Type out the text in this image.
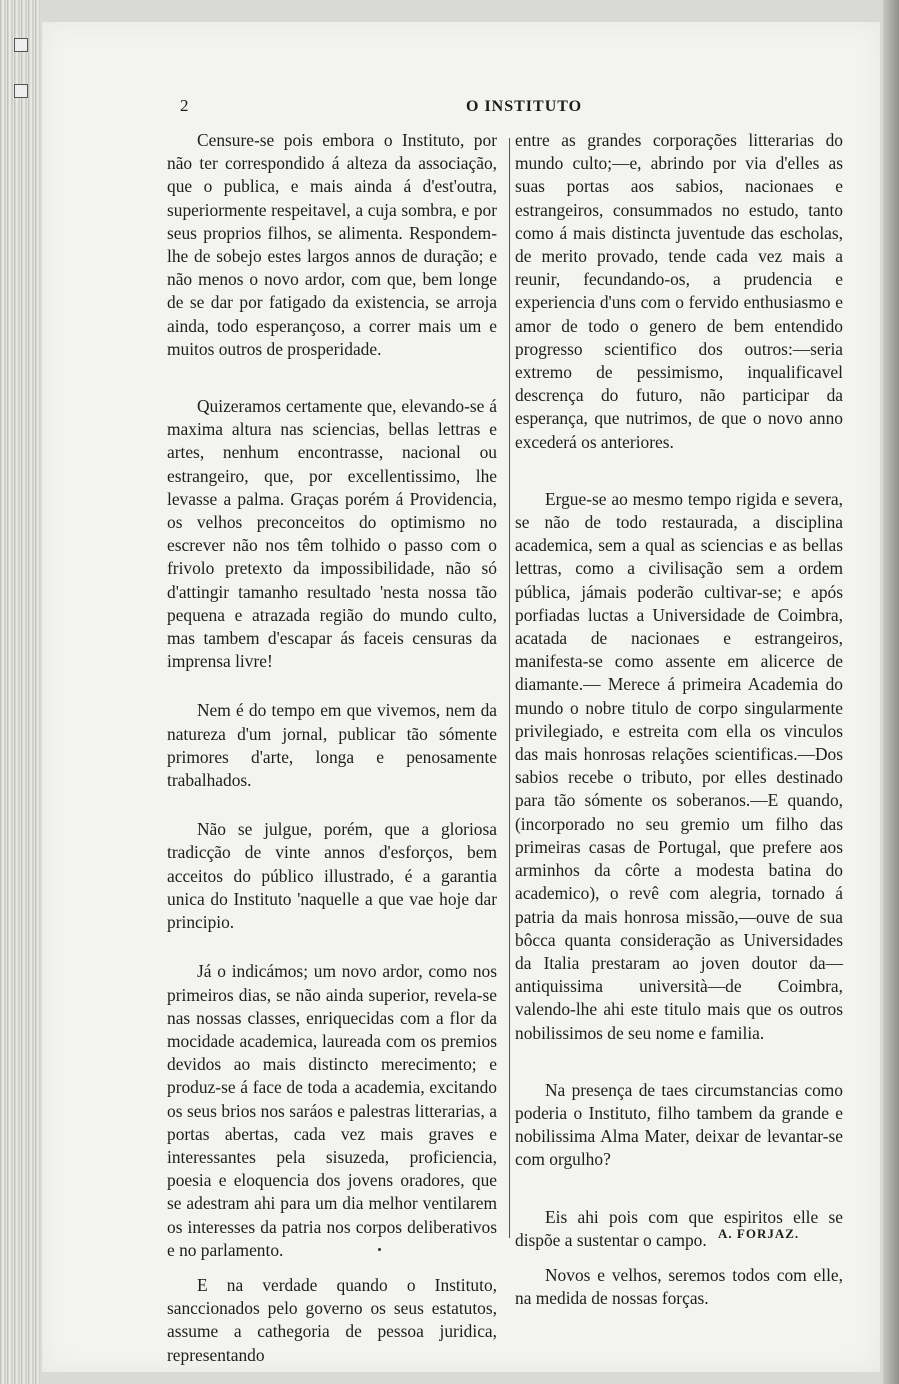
2	O INSTITUTO

Censure-se pois embora o Instituto, por não ter correspondido á alteza da associação, que o publica, e mais ainda á d'est'outra, superiormente respeitavel, a cuja sombra, e por seus proprios filhos, se alimenta. Respondem-lhe de sobejo estes largos annos de duração; e não menos o novo ardor, com que, bem longe de se dar por fatigado da existencia, se arroja ainda, todo esperançoso, a correr mais um e muitos outros de prosperidade.

Quizeramos certamente que, elevando-se á maxima altura nas sciencias, bellas lettras e artes, nenhum encontrasse, nacional ou estrangeiro, que, por excellentissimo, lhe levasse a palma. Graças porém á Providencia, os velhos preconceitos do optimismo no escrever não nos têm tolhido o passo com o frivolo pretexto da impossibilidade, não só d'attingir tamanho resultado 'nesta nossa tão pequena e atrazada região do mundo culto, mas tambem d'escapar ás faceis censuras da imprensa livre!

Nem é do tempo em que vivemos, nem da natureza d'um jornal, publicar tão sómente primores d'arte, longa e penosamente trabalhados.

Não se julgue, porém, que a gloriosa tradicção de vinte annos d'esforços, bem acceitos do público illustrado, é a garantia unica do Instituto 'naquelle a que vae hoje dar principio.

Já o indicámos; um novo ardor, como nos primeiros dias, se não ainda superior, revela-se nas nossas classes, enriquecidas com a flor da mocidade academica, laureada com os premios devidos ao mais distincto merecimento; e produz-se á face de toda a academia, excitando os seus brios nos saráos e palestras litterarias, a portas abertas, cada vez mais graves e interessantes pela sisuzeda, proficiencia, poesia e eloquencia dos jovens oradores, que se adestram ahi para um dia melhor ventilarem os interesses da patria nos corpos deliberativos e no parlamento.

E na verdade quando o Instituto, sanccionados pelo governo os seus estatutos, assume a cathegoria de pessoa juridica, representando

entre as grandes corporações litterarias do mundo culto;—e, abrindo por via d'elles as suas portas aos sabios, nacionaes e estrangeiros, consummados no estudo, tanto como á mais distincta juventude das escholas, de merito provado, tende cada vez mais a reunir, fecundando-os, a prudencia e experiencia d'uns com o fervido enthusiasmo e amor de todo o genero de bem entendido progresso scientifico dos outros:—seria extremo de pessimismo, inqualificavel descrença do futuro, não participar da esperança, que nutrimos, de que o novo anno excederá os anteriores.

Ergue-se ao mesmo tempo rigida e severa, se não de todo restaurada, a disciplina academica, sem a qual as sciencias e as bellas lettras, como a civilisação sem a ordem pública, jámais poderão cultivar-se; e após porfiadas luctas a Universidade de Coimbra, acatada de nacionaes e estrangeiros, manifesta-se como assente em alicerce de diamante.— Merece á primeira Academia do mundo o nobre titulo de corpo singularmente privilegiado, e estreita com ella os vinculos das mais honrosas relações scientificas.—Dos sabios recebe o tributo, por elles destinado para tão sómente os soberanos.—E quando, (incorporado no seu gremio um filho das primeiras casas de Portugal, que prefere aos arminhos da côrte a modesta batina do academico), o revê com alegria, tornado á patria da mais honrosa missão,—ouve de sua bôcca quanta consideração as Universidades da Italia prestaram ao joven doutor da—antiquissima università—de Coimbra, valendo-lhe ahi este titulo mais que os outros nobilissimos de seu nome e familia.

Na presença de taes circumstancias como poderia o Instituto, filho tambem da grande e nobilissima Alma Mater, deixar de levantar-se com orgulho?

Eis ahi pois com que espiritos elle se dispõe a sustentar o campo.

Novos e velhos, seremos todos com elle, na medida de nossas forças.

A. FORJAZ.
